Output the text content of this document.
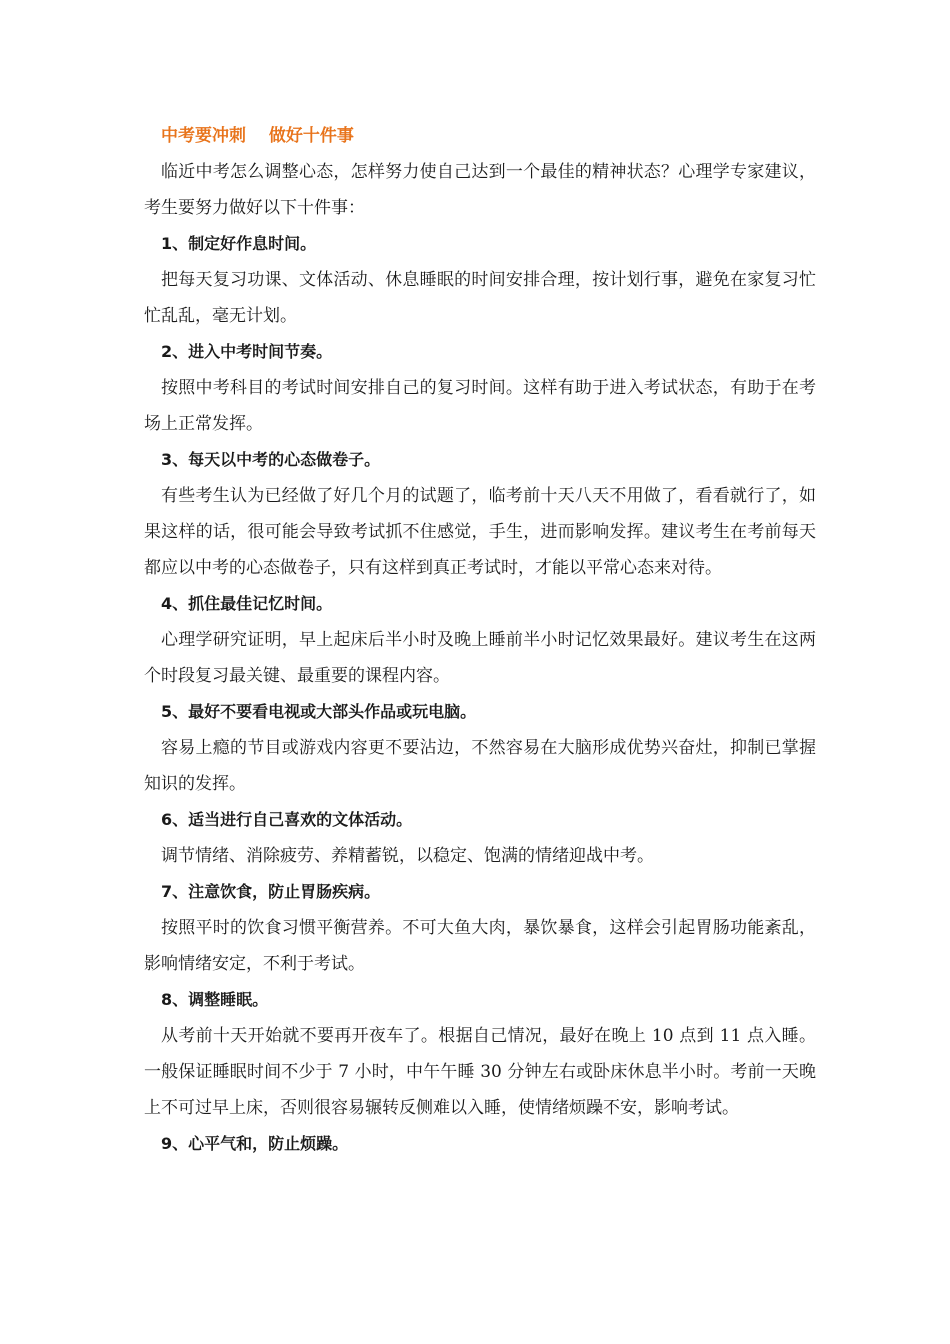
中考要冲刺　 做好十件事

临近中考怎么调整心态，怎样努力使自己达到一个最佳的精神状态？心理学专家建议，考生要努力做好以下十件事：

1、制定好作息时间。

把每天复习功课、文体活动、休息睡眠的时间安排合理，按计划行事，避免在家复习忙忙乱乱，毫无计划。

2、进入中考时间节奏。

按照中考科目的考试时间安排自己的复习时间。这样有助于进入考试状态，有助于在考场上正常发挥。

3、每天以中考的心态做卷子。

有些考生认为已经做了好几个月的试题了，临考前十天八天不用做了，看看就行了，如果这样的话，很可能会导致考试抓不住感觉，手生，进而影响发挥。建议考生在考前每天都应以中考的心态做卷子，只有这样到真正考试时，才能以平常心态来对待。

4、抓住最佳记忆时间。

心理学研究证明，早上起床后半小时及晚上睡前半小时记忆效果最好。建议考生在这两个时段复习最关键、最重要的课程内容。

5、最好不要看电视或大部头作品或玩电脑。

容易上瘾的节目或游戏内容更不要沾边，不然容易在大脑形成优势兴奋灶，抑制已掌握知识的发挥。

6、适当进行自己喜欢的文体活动。

调节情绪、消除疲劳、养精蓄锐，以稳定、饱满的情绪迎战中考。

7、注意饮食，防止胃肠疾病。

按照平时的饮食习惯平衡营养。不可大鱼大肉，暴饮暴食，这样会引起胃肠功能紊乱，影响情绪安定，不利于考试。

8、调整睡眠。

从考前十天开始就不要再开夜车了。根据自己情况，最好在晚上 10 点到 11 点入睡。一般保证睡眠时间不少于 7 小时，中午午睡 30 分钟左右或卧床休息半小时。考前一天晚上不可过早上床，否则很容易辗转反侧难以入睡，使情绪烦躁不安，影响考试。

9、心平气和，防止烦躁。
